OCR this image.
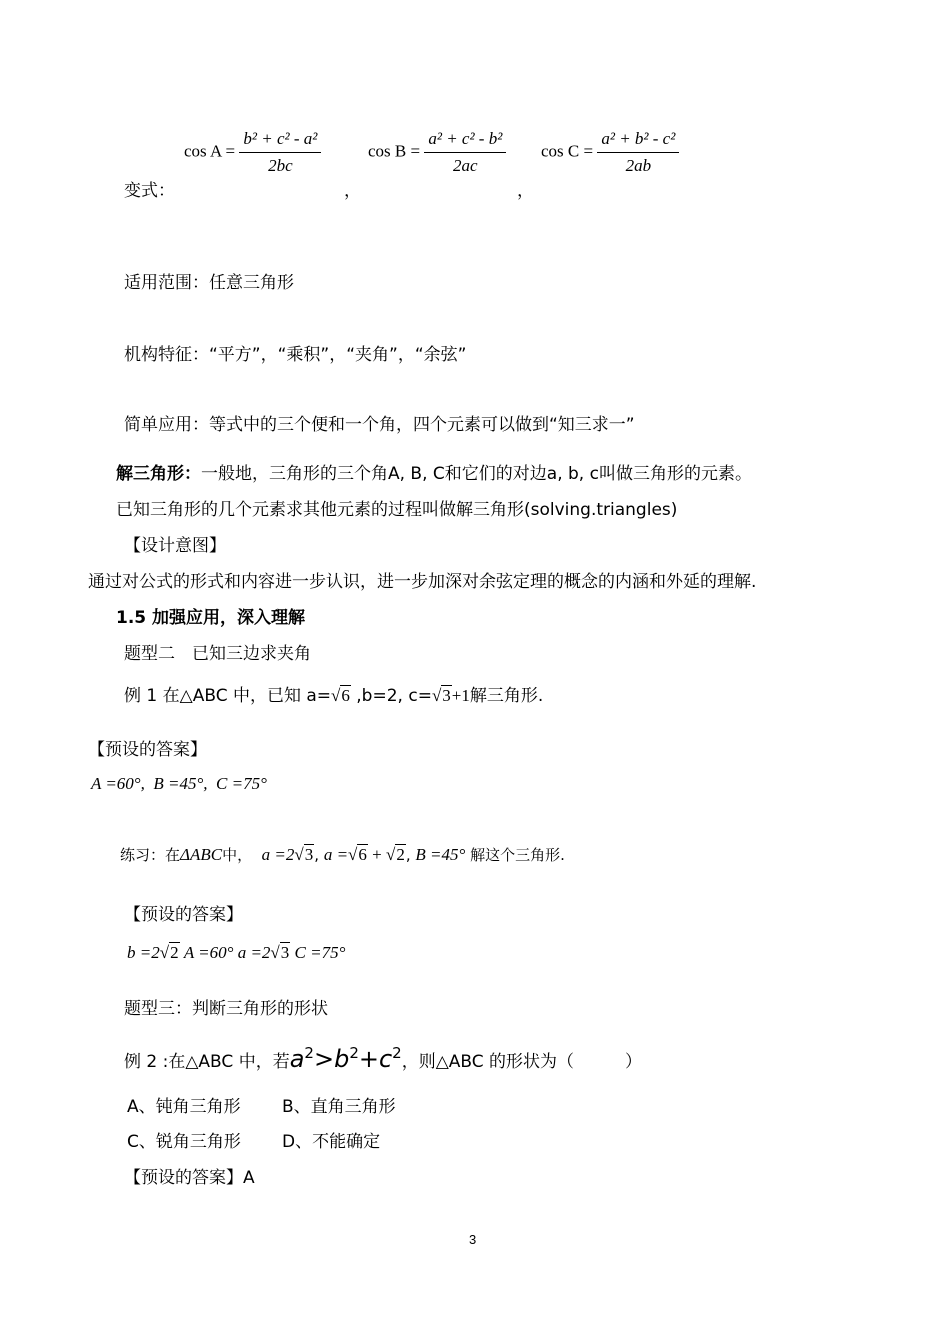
$\cos A = \frac{\text{b² + c² - a²}}{2bc}$	$\cos B = \frac{\text{a² + c² - b²}}{2ac}$ $\cos C = \frac{\text{a² + b² - c²}}{2ab}$
变式：	，	，
适用范围：任意三角形
机构特征：“平方”，“乘积”，“夹角”，“余弦”
简单应用：等式中的三个便和一个角，四个元素可以做到“知三求一”
解三角形：一般地，三角形的三个角A, B, C和它们的对边a, b, c叫做三角形的元素。
已知三角形的几个元素求其他元素的过程叫做解三角形(solving.triangles)
【设计意图】
通过对公式的形式和内容进一步认识，进一步加深对余弦定理的概念的内涵和外延的理解.
1.5 加强应用，深入理解
题型二　已知三边求夹角
例 1 在△ABC 中，已知 a=√6 ,b=2, c=√3+1解三角形.
【预设的答案】
A =60°, B =45°, C =75°
练习：在ΔABC中， a =2√3, a =√6 + √2, B =45° 解这个三角形.
【预设的答案】
b =2√2 A =60° a =2√3 C =75°
题型三：判断三角形的形状
例 2 :在△ABC 中，若$a^2>b^2+c^2$，则△ABC 的形状为（　　　）
A、钝角三角形 B、直角三角形
C、锐角三角形 D、不能确定
【预设的答案】A
3
